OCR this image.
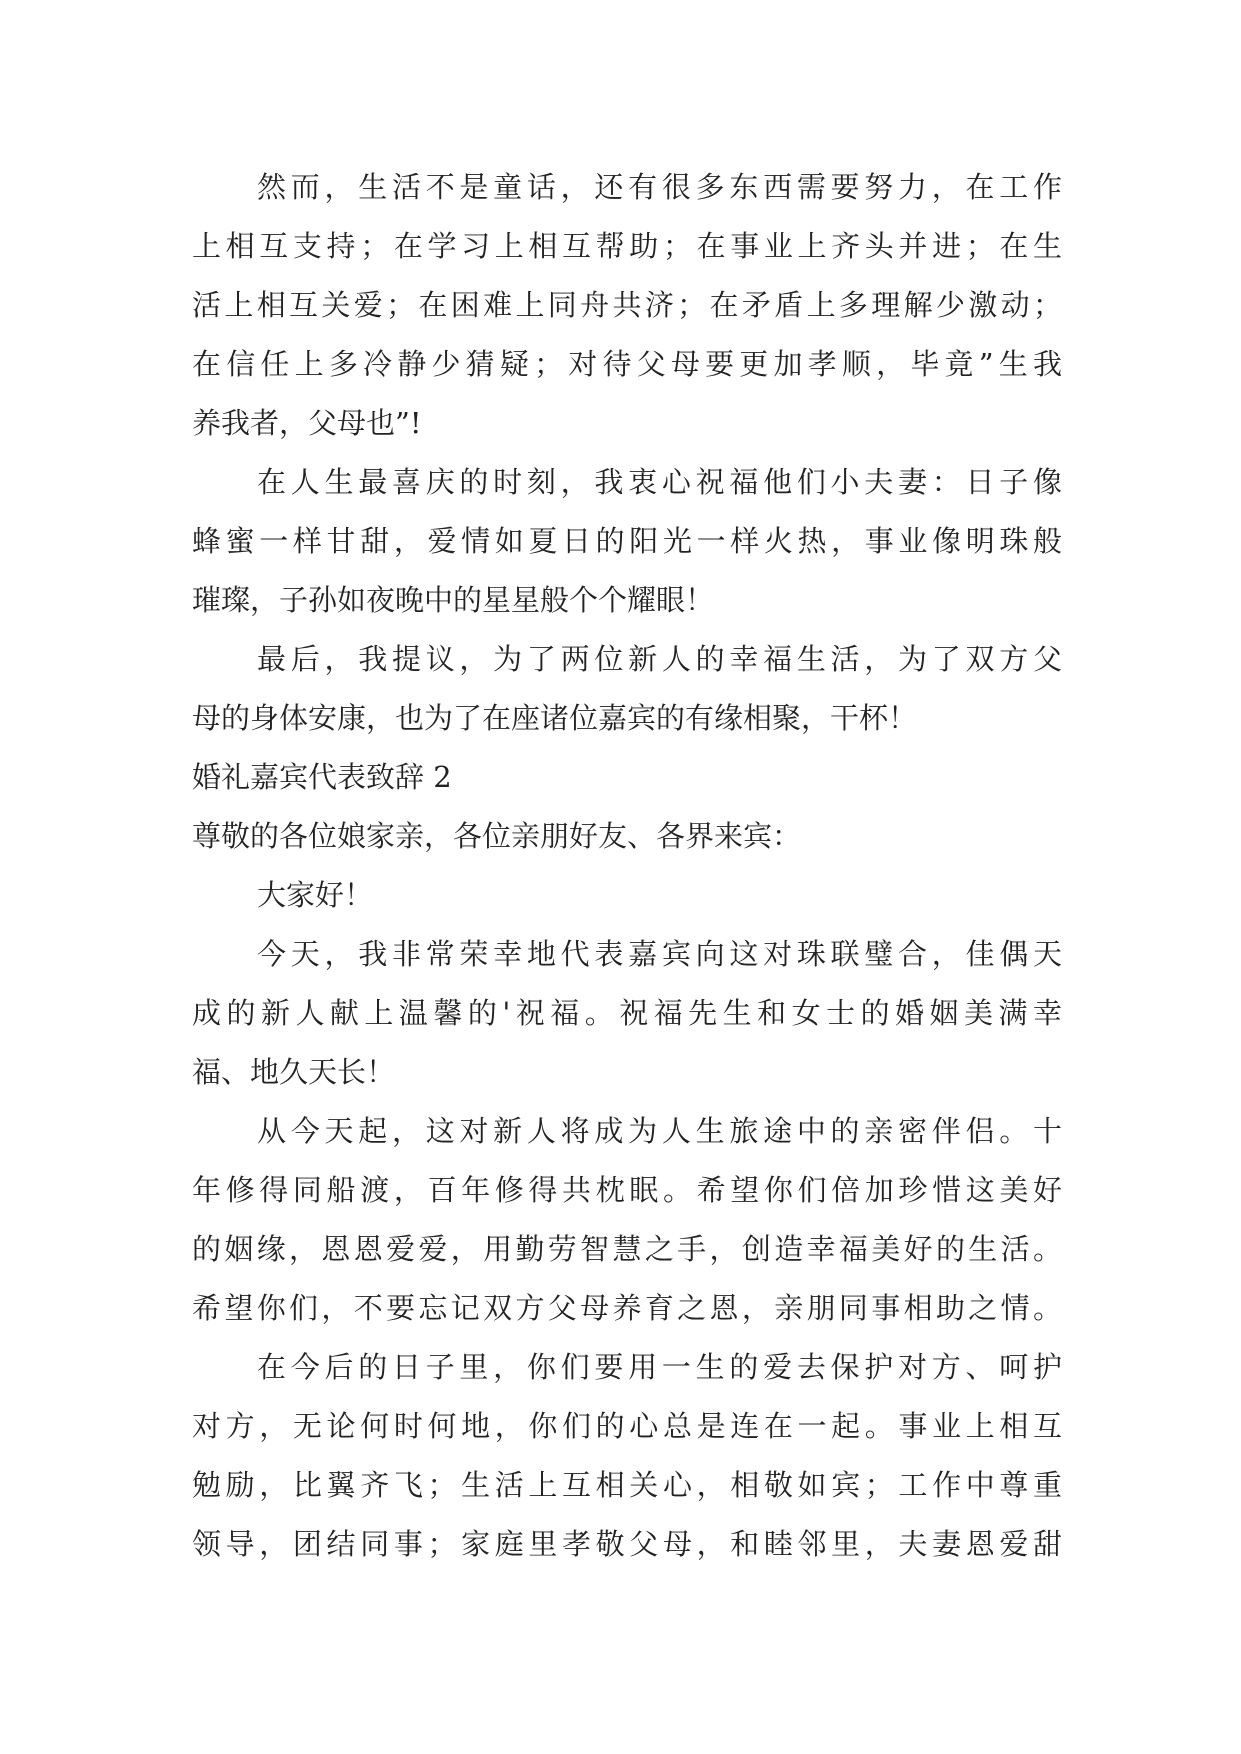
然而，生活不是童话，还有很多东西需要努力，在工作
上相互支持；在学习上相互帮助；在事业上齐头并进；在生
活上相互关爱；在困难上同舟共济；在矛盾上多理解少激动；
在信任上多冷静少猜疑；对待父母要更加孝顺，毕竟”生我
养我者，父母也”!
在人生最喜庆的时刻，我衷心祝福他们小夫妻：日子像
蜂蜜一样甘甜，爱情如夏日的阳光一样火热，事业像明珠般
璀璨，子孙如夜晚中的星星般个个耀眼！
最后，我提议，为了两位新人的幸福生活，为了双方父
母的身体安康，也为了在座诸位嘉宾的有缘相聚，干杯！
婚礼嘉宾代表致辞 2
尊敬的各位娘家亲，各位亲朋好友、各界来宾：
大家好！
今天，我非常荣幸地代表嘉宾向这对珠联璧合，佳偶天
成的新人献上温馨的'祝福。祝福先生和女士的婚姻美满幸
福、地久天长！
从今天起，这对新人将成为人生旅途中的亲密伴侣。十
年修得同船渡，百年修得共枕眠。希望你们倍加珍惜这美好
的姻缘，恩恩爱爱，用勤劳智慧之手，创造幸福美好的生活。
希望你们，不要忘记双方父母养育之恩，亲朋同事相助之情。
在今后的日子里，你们要用一生的爱去保护对方、呵护
对方，无论何时何地，你们的心总是连在一起。事业上相互
勉励，比翼齐飞；生活上互相关心，相敬如宾；工作中尊重
领导，团结同事；家庭里孝敬父母，和睦邻里，夫妻恩爱甜
